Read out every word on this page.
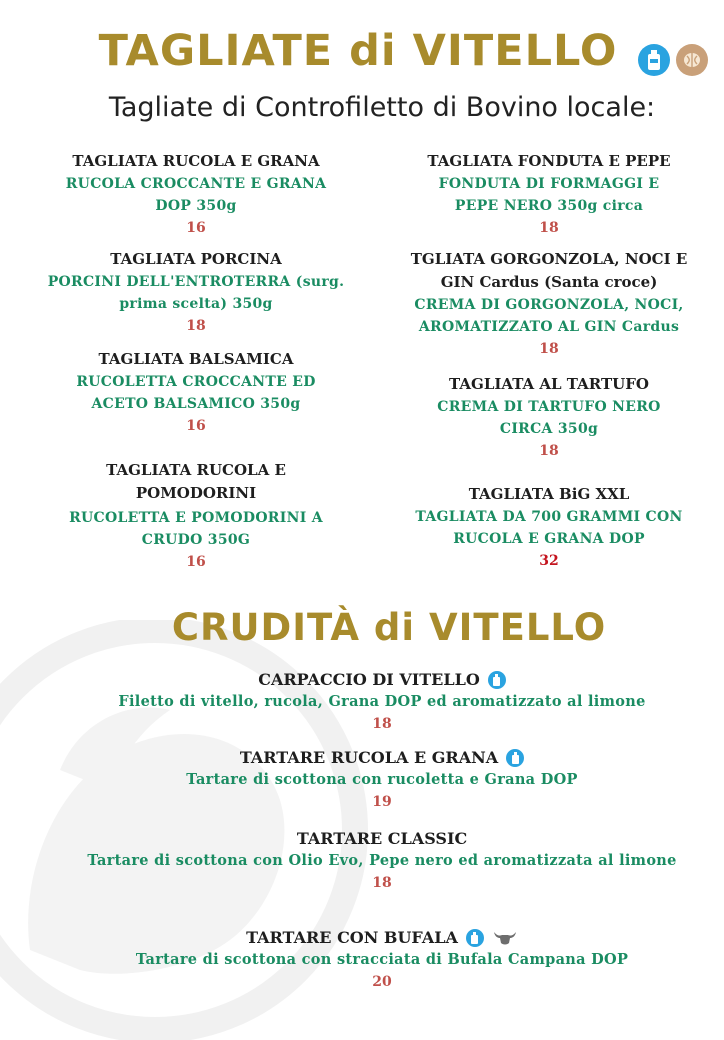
TAGLIATE di VITELLO
Tagliate di Controfiletto di Bovino locale:
TAGLIATA RUCOLA E GRANA
RUCOLA CROCCANTE E GRANA DOP 350g
16
TAGLIATA PORCINA
PORCINI DELL'ENTROTERRA (surg. prima scelta) 350g
18
TAGLIATA BALSAMICA
RUCOLETTA CROCCANTE ED ACETO BALSAMICO 350g
16
TAGLIATA RUCOLA E POMODORINI
RUCOLETTA E POMODORINI A CRUDO 350G
16
TAGLIATA FONDUTA E PEPE
FONDUTA DI FORMAGGI E PEPE NERO 350g circa
18
TGLIATA GORGONZOLA, NOCI E GIN Cardus (Santa croce)
CREMA DI GORGONZOLA, NOCI, AROMATIZZATO AL GIN Cardus
18
TAGLIATA AL TARTUFO
CREMA DI TARTUFO NERO CIRCA 350g
18
TAGLIATA BiG XXL
TAGLIATA DA 700 GRAMMI CON RUCOLA E GRANA DOP
32
CRUDITÀ di VITELLO
CARPACCIO DI VITELLO
Filetto di vitello, rucola, Grana DOP ed aromatizzato al limone
18
TARTARE RUCOLA E GRANA
Tartare di scottona con rucoletta e Grana DOP
19
TARTARE CLASSIC
Tartare di scottona con Olio Evo, Pepe nero ed aromatizzata al limone
18
TARTARE CON BUFALA
Tartare di scottona con stracciata di Bufala Campana DOP
20
